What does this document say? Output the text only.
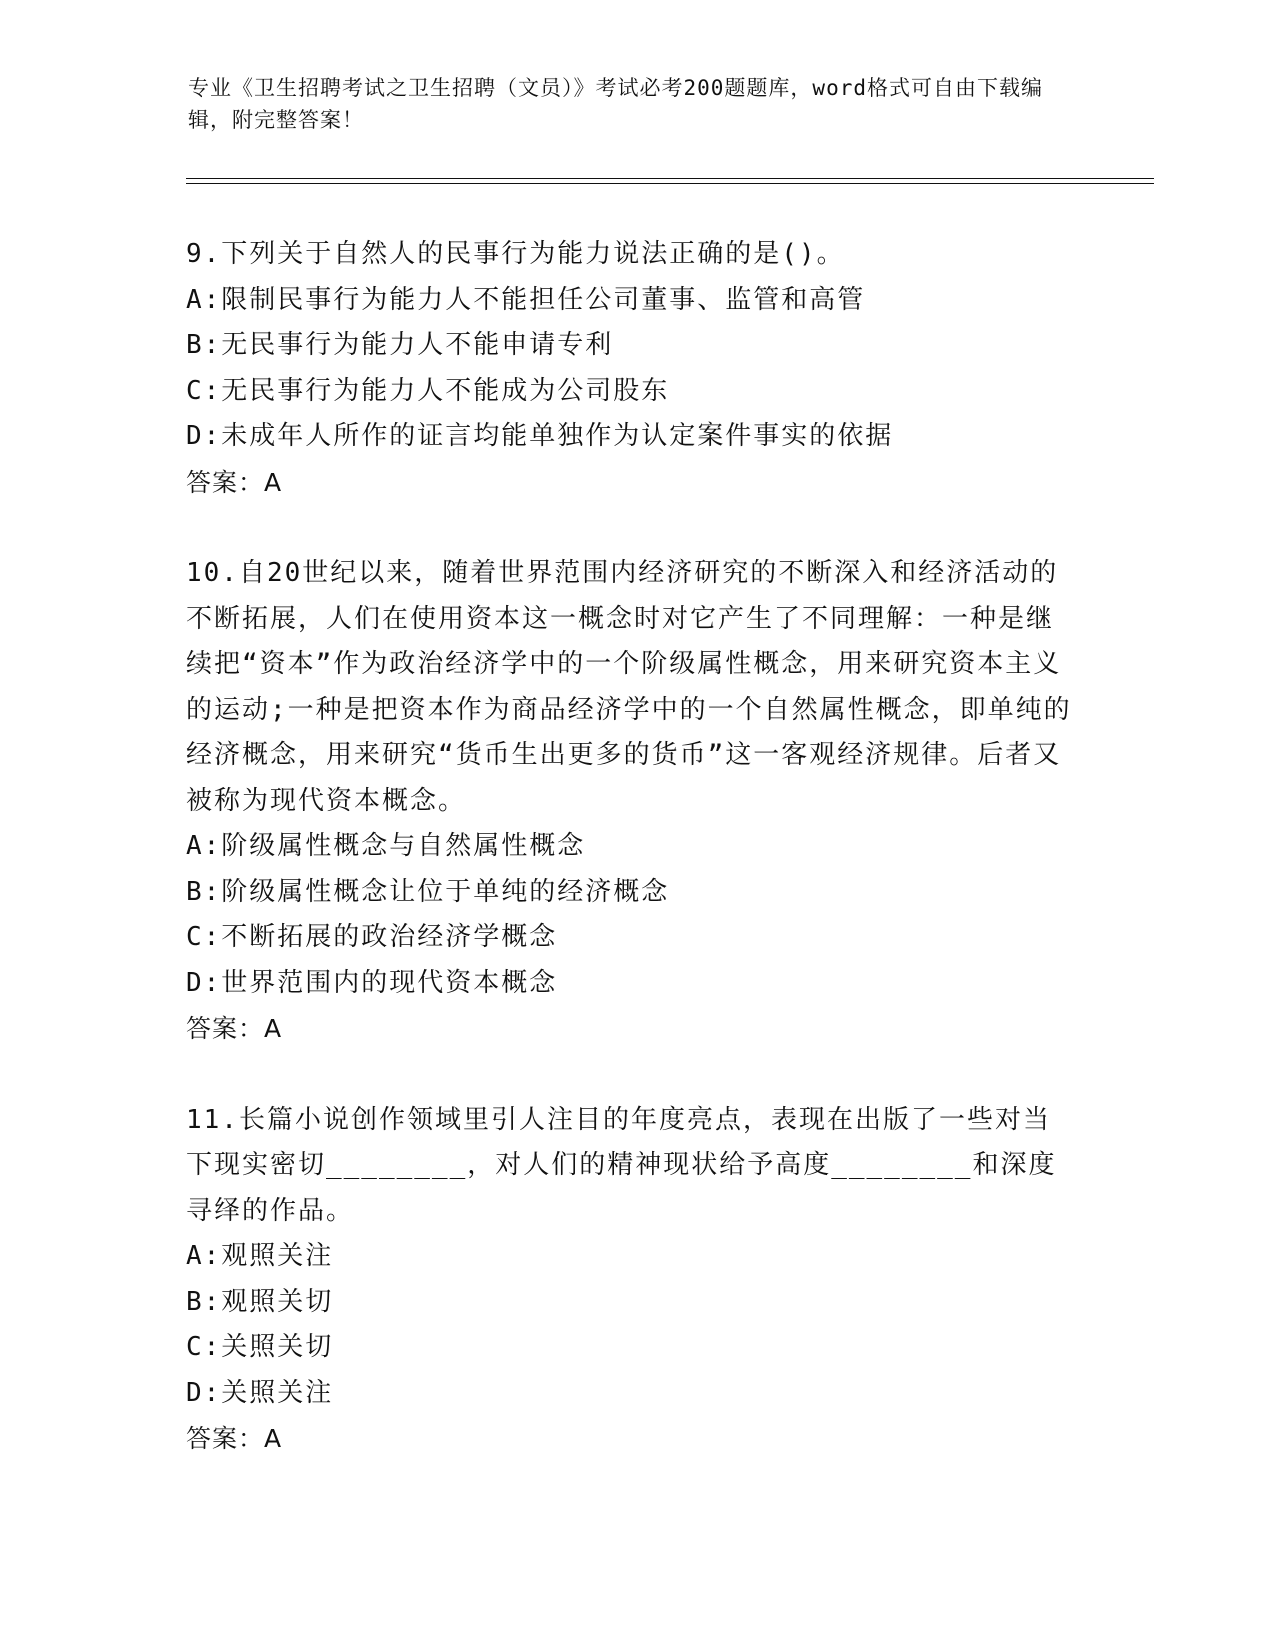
专业《卫生招聘考试之卫生招聘（文员）》考试必考200题题库，word格式可自由下载编辑，附完整答案！

9.下列关于自然人的民事行为能力说法正确的是()。

A:限制民事行为能力人不能担任公司董事、监管和高管

B:无民事行为能力人不能申请专利

C:无民事行为能力人不能成为公司股东

D:未成年人所作的证言均能单独作为认定案件事实的依据

答案：A

10.自20世纪以来，随着世界范围内经济研究的不断深入和经济活动的不断拓展，人们在使用资本这一概念时对它产生了不同理解：一种是继续把“资本”作为政治经济学中的一个阶级属性概念，用来研究资本主义的运动;一种是把资本作为商品经济学中的一个自然属性概念，即单纯的经济概念，用来研究“货币生出更多的货币”这一客观经济规律。后者又被称为现代资本概念。

A:阶级属性概念与自然属性概念

B:阶级属性概念让位于单纯的经济概念

C:不断拓展的政治经济学概念

D:世界范围内的现代资本概念

答案：A

11.长篇小说创作领域里引人注目的年度亮点，表现在出版了一些对当下现实密切________，对人们的精神现状给予高度________和深度寻绎的作品。

A:观照关注

B:观照关切

C:关照关切

D:关照关注

答案：A
